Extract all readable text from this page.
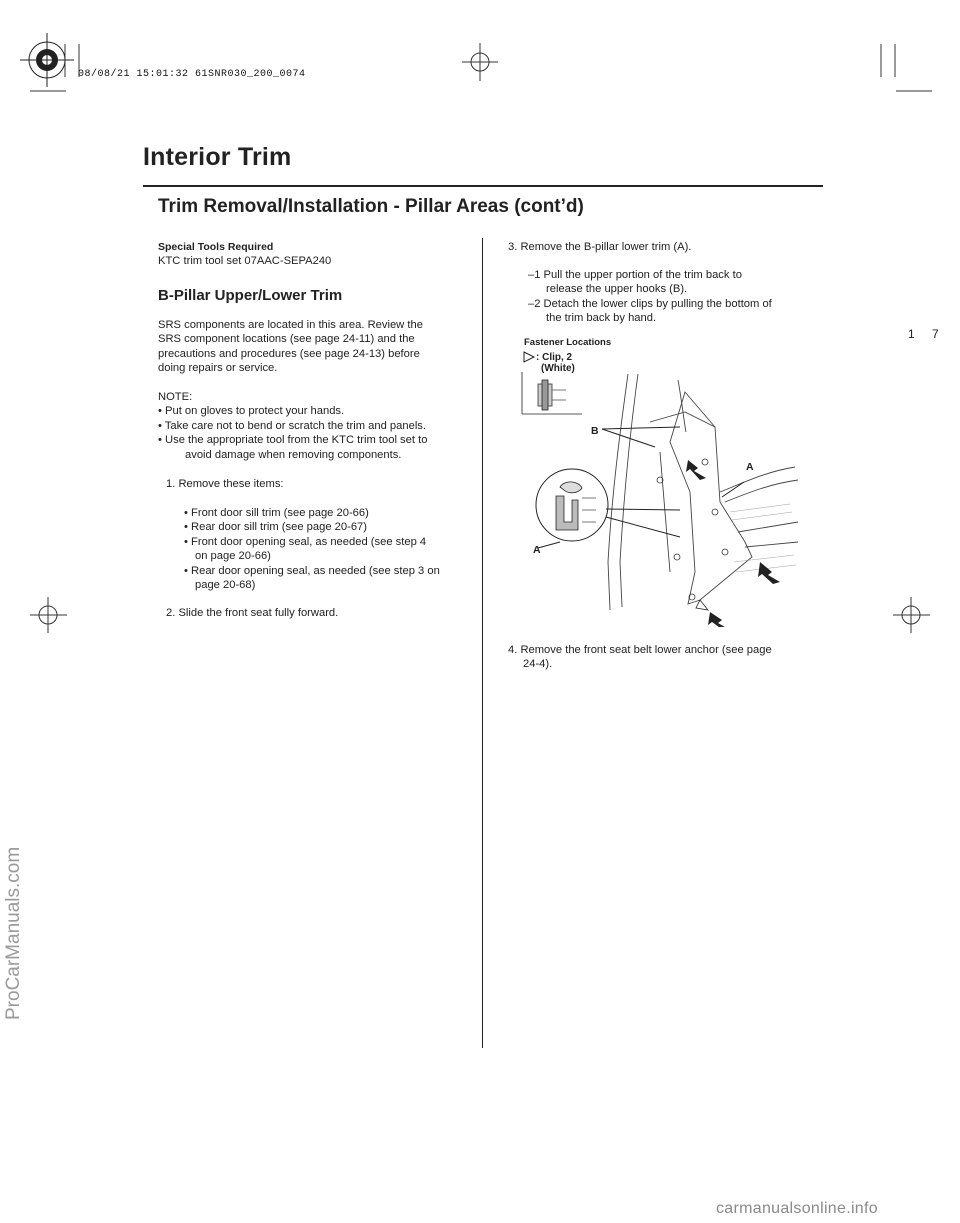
08/08/21 15:01:32 61SNR030_200_0074
Interior Trim
Trim Removal/Installation - Pillar Areas (cont’d)
Special Tools Required
KTC trim tool set 07AAC-SEPA240
B-Pillar Upper/Lower Trim
SRS components are located in this area. Review the
SRS component locations (see page 24-11) and the
precautions and procedures (see page 24-13) before
doing repairs or service.
NOTE:
• Put on gloves to protect your hands.
• Take care not to bend or scratch the trim and panels.
• Use the appropriate tool from the KTC trim tool set to
avoid damage when removing components.
1. Remove these items:
• Front door sill trim (see page 20-66)
• Rear door sill trim (see page 20-67)
• Front door opening seal, as needed (see step 4
on page 20-66)
• Rear door opening seal, as needed (see step 3 on
page 20-68)
2. Slide the front seat fully forward.
3. Remove the B-pillar lower trim (A).
–1 Pull the upper portion of the trim back to
release the upper hooks (B).
–2 Detach the lower clips by pulling the bottom of
the trim back by hand.
Fastener Locations
: Clip, 2
(White)
B
A
A
4. Remove the front seat belt lower anchor (see page
24-4).
1 7
ProCarManuals.com
carmanualsonline.info
